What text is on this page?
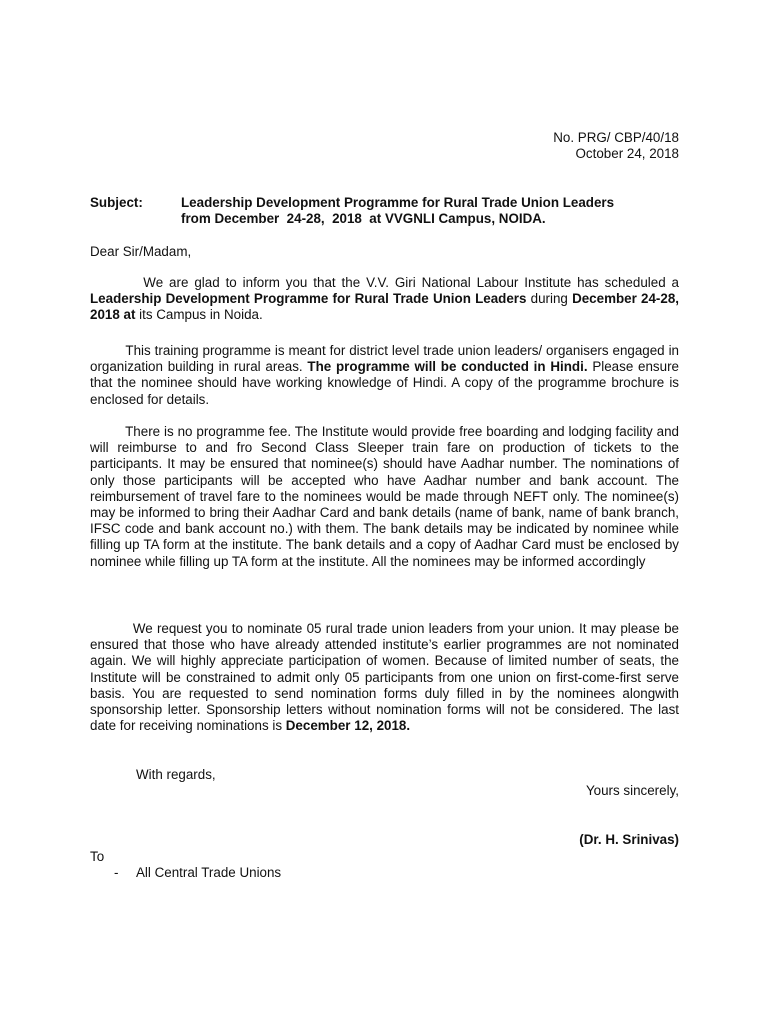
No. PRG/ CBP/40/18
October 24, 2018
Subject:	Leadership Development Programme for Rural Trade Union Leaders
from December  24-28,  2018  at VVGNLI Campus, NOIDA.
Dear Sir/Madam,
We are glad to inform you that the V.V. Giri National Labour Institute has scheduled a Leadership Development Programme for Rural Trade Union Leaders during December 24-28, 2018 at its Campus in Noida.
This training programme is meant for district level trade union leaders/ organisers engaged in organization building in rural areas. The programme will be conducted in Hindi. Please ensure that the nominee should have working knowledge of Hindi. A copy of the programme brochure is enclosed for details.
There is no programme fee. The Institute would provide free boarding and lodging facility and will reimburse to and fro Second Class Sleeper train fare on production of tickets to the participants. It may be ensured that nominee(s) should have Aadhar number. The nominations of only those participants will be accepted who have Aadhar number and bank account. The reimbursement of travel fare to the nominees would be made through NEFT only. The nominee(s) may be informed to bring their Aadhar Card and bank details (name of bank, name of bank branch, IFSC code and bank account no.) with them. The bank details may be indicated by nominee while filling up TA form at the institute. The bank details and a copy of Aadhar Card must be enclosed by nominee while filling up TA form at the institute. All the nominees may be informed accordingly
We request you to nominate 05 rural trade union leaders from your union. It may please be ensured that those who have already attended institute’s earlier programmes are not nominated again. We will highly appreciate participation of women. Because of limited number of seats, the Institute will be constrained to admit only 05 participants from one union on first-come-first serve basis. You are requested to send nomination forms duly filled in by the nominees alongwith sponsorship letter. Sponsorship letters without nomination forms will not be considered. The last date for receiving nominations is December 12, 2018.
With regards,
Yours sincerely,
(Dr. H. Srinivas)
To
- All Central Trade Unions
